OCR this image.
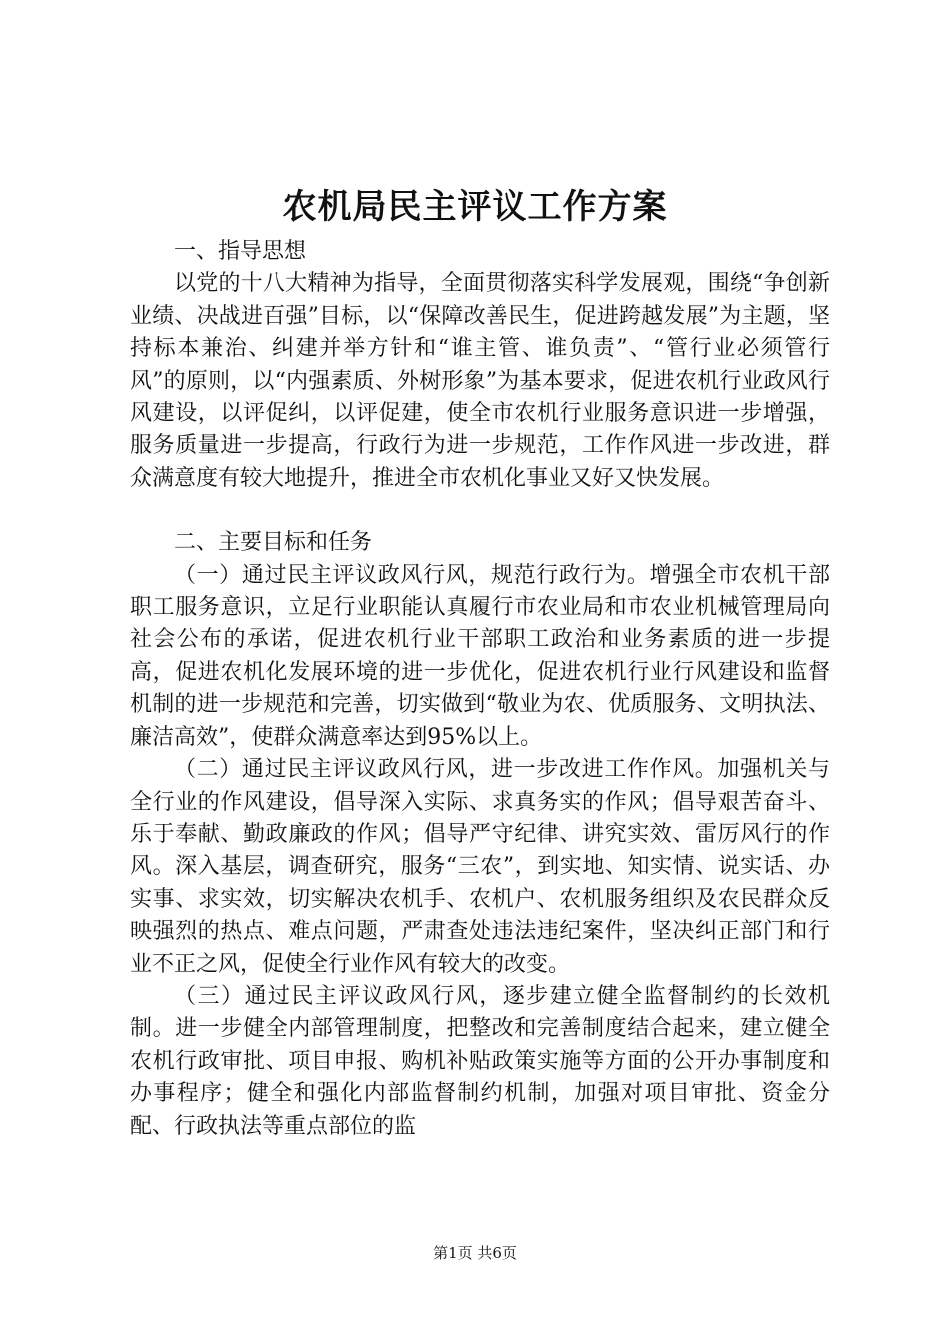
农机局民主评议工作方案

一、指导思想

以党的十八大精神为指导，全面贯彻落实科学发展观，围绕“争创新业绩、决战进百强”目标，以“保障改善民生，促进跨越发展”为主题，坚持标本兼治、纠建并举方针和“谁主管、谁负责”、“管行业必须管行风”的原则，以“内强素质、外树形象”为基本要求，促进农机行业政风行风建设，以评促纠，以评促建，使全市农机行业服务意识进一步增强，服务质量进一步提高，行政行为进一步规范，工作作风进一步改进，群众满意度有较大地提升，推进全市农机化事业又好又快发展。

二、主要目标和任务

（一）通过民主评议政风行风，规范行政行为。增强全市农机干部职工服务意识，立足行业职能认真履行市农业局和市农业机械管理局向社会公布的承诺，促进农机行业干部职工政治和业务素质的进一步提高，促进农机化发展环境的进一步优化，促进农机行业行风建设和监督机制的进一步规范和完善，切实做到“敬业为农、优质服务、文明执法、廉洁高效”，使群众满意率达到95%以上。

（二）通过民主评议政风行风，进一步改进工作作风。加强机关与全行业的作风建设，倡导深入实际、求真务实的作风；倡导艰苦奋斗、乐于奉献、勤政廉政的作风；倡导严守纪律、讲究实效、雷厉风行的作风。深入基层，调查研究，服务“三农”，到实地、知实情、说实话、办实事、求实效，切实解决农机手、农机户、农机服务组织及农民群众反映强烈的热点、难点问题，严肃查处违法违纪案件，坚决纠正部门和行业不正之风，促使全行业作风有较大的改变。

（三）通过民主评议政风行风，逐步建立健全监督制约的长效机制。进一步健全内部管理制度，把整改和完善制度结合起来，建立健全农机行政审批、项目申报、购机补贴政策实施等方面的公开办事制度和办事程序；健全和强化内部监督制约机制，加强对项目审批、资金分配、行政执法等重点部位的监

第1页 共6页
